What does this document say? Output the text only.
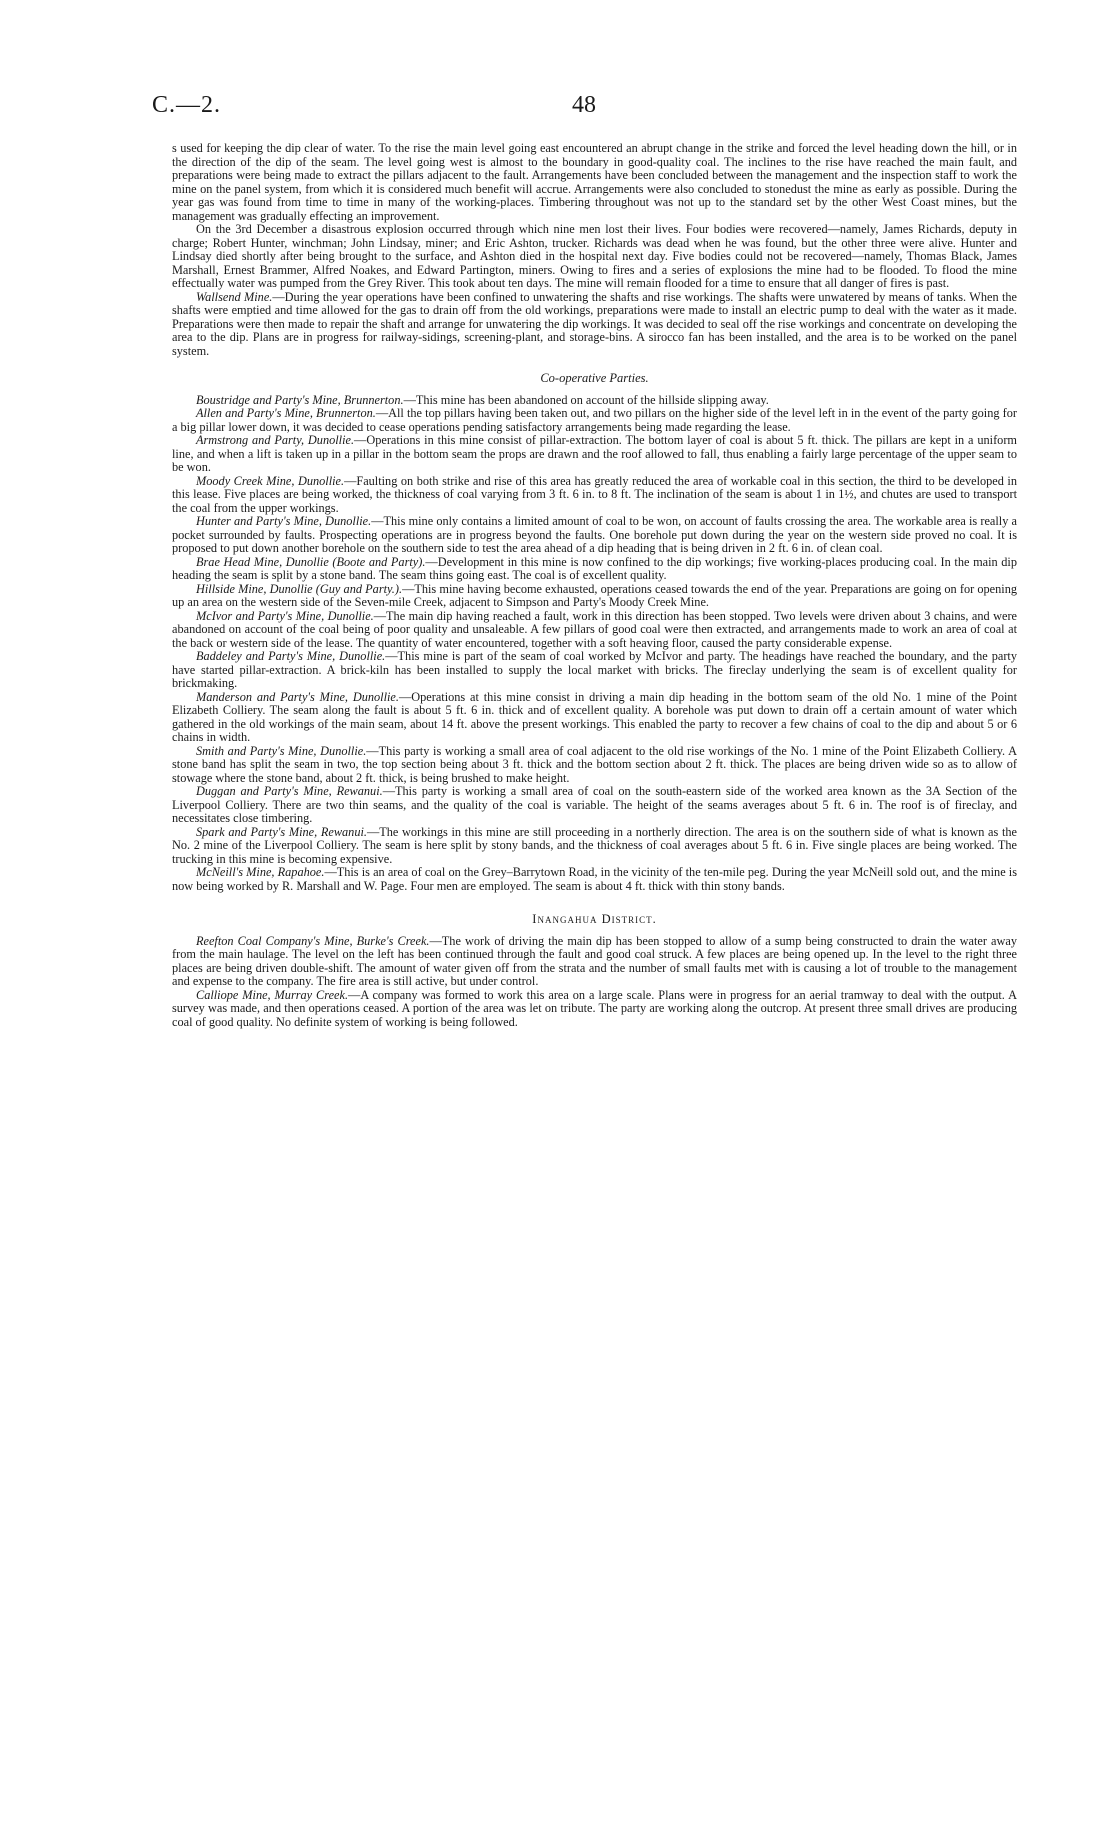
C.—2.	48

s used for keeping the dip clear of water. To the rise the main level going east encountered an abrupt change in the strike and forced the level heading down the hill, or in the direction of the dip of the seam. The level going west is almost to the boundary in good-quality coal. The inclines to the rise have reached the main fault, and preparations were being made to extract the pillars adjacent to the fault. Arrangements have been concluded between the management and the inspection staff to work the mine on the panel system, from which it is considered much benefit will accrue. Arrangements were also concluded to stonedust the mine as early as possible. During the year gas was found from time to time in many of the working-places. Timbering throughout was not up to the standard set by the other West Coast mines, but the management was gradually effecting an improvement.

On the 3rd December a disastrous explosion occurred through which nine men lost their lives. Four bodies were recovered—namely, James Richards, deputy in charge; Robert Hunter, winchman; John Lindsay, miner; and Eric Ashton, trucker. Richards was dead when he was found, but the other three were alive. Hunter and Lindsay died shortly after being brought to the surface, and Ashton died in the hospital next day. Five bodies could not be recovered—namely, Thomas Black, James Marshall, Ernest Brammer, Alfred Noakes, and Edward Partington, miners. Owing to fires and a series of explosions the mine had to be flooded. To flood the mine effectually water was pumped from the Grey River. This took about ten days. The mine will remain flooded for a time to ensure that all danger of fires is past.

Wallsend Mine.—During the year operations have been confined to unwatering the shafts and rise workings. The shafts were unwatered by means of tanks. When the shafts were emptied and time allowed for the gas to drain off from the old workings, preparations were made to install an electric pump to deal with the water as it made. Preparations were then made to repair the shaft and arrange for unwatering the dip workings. It was decided to seal off the rise workings and concentrate on developing the area to the dip. Plans are in progress for railway-sidings, screening-plant, and storage-bins. A sirocco fan has been installed, and the area is to be worked on the panel system.

Co-operative Parties.

Boustridge and Party's Mine, Brunnerton.—This mine has been abandoned on account of the hillside slipping away.

Allen and Party's Mine, Brunnerton.—All the top pillars having been taken out, and two pillars on the higher side of the level left in in the event of the party going for a big pillar lower down, it was decided to cease operations pending satisfactory arrangements being made regarding the lease.

Armstrong and Party, Dunollie.—Operations in this mine consist of pillar-extraction. The bottom layer of coal is about 5 ft. thick. The pillars are kept in a uniform line, and when a lift is taken up in a pillar in the bottom seam the props are drawn and the roof allowed to fall, thus enabling a fairly large percentage of the upper seam to be won.

Moody Creek Mine, Dunollie.—Faulting on both strike and rise of this area has greatly reduced the area of workable coal in this section, the third to be developed in this lease. Five places are being worked, the thickness of coal varying from 3 ft. 6 in. to 8 ft. The inclination of the seam is about 1 in 1½, and chutes are used to transport the coal from the upper workings.

Hunter and Party's Mine, Dunollie.—This mine only contains a limited amount of coal to be won, on account of faults crossing the area. The workable area is really a pocket surrounded by faults. Prospecting operations are in progress beyond the faults. One borehole put down during the year on the western side proved no coal. It is proposed to put down another borehole on the southern side to test the area ahead of a dip heading that is being driven in 2 ft. 6 in. of clean coal.

Brae Head Mine, Dunollie (Boote and Party).—Development in this mine is now confined to the dip workings; five working-places producing coal. In the main dip heading the seam is split by a stone band. The seam thins going east. The coal is of excellent quality.

Hillside Mine, Dunollie (Guy and Party.).—This mine having become exhausted, operations ceased towards the end of the year. Preparations are going on for opening up an area on the western side of the Seven-mile Creek, adjacent to Simpson and Party's Moody Creek Mine.

McIvor and Party's Mine, Dunollie.—The main dip having reached a fault, work in this direction has been stopped. Two levels were driven about 3 chains, and were abandoned on account of the coal being of poor quality and unsaleable. A few pillars of good coal were then extracted, and arrangements made to work an area of coal at the back or western side of the lease. The quantity of water encountered, together with a soft heaving floor, caused the party considerable expense.

Baddeley and Party's Mine, Dunollie.—This mine is part of the seam of coal worked by McIvor and party. The headings have reached the boundary, and the party have started pillar-extraction. A brick-kiln has been installed to supply the local market with bricks. The fireclay underlying the seam is of excellent quality for brickmaking.

Manderson and Party's Mine, Dunollie.—Operations at this mine consist in driving a main dip heading in the bottom seam of the old No. 1 mine of the Point Elizabeth Colliery. The seam along the fault is about 5 ft. 6 in. thick and of excellent quality. A borehole was put down to drain off a certain amount of water which gathered in the old workings of the main seam, about 14 ft. above the present workings. This enabled the party to recover a few chains of coal to the dip and about 5 or 6 chains in width.

Smith and Party's Mine, Dunollie.—This party is working a small area of coal adjacent to the old rise workings of the No. 1 mine of the Point Elizabeth Colliery. A stone band has split the seam in two, the top section being about 3 ft. thick and the bottom section about 2 ft. thick. The places are being driven wide so as to allow of stowage where the stone band, about 2 ft. thick, is being brushed to make height.

Duggan and Party's Mine, Rewanui.—This party is working a small area of coal on the south-eastern side of the worked area known as the 3A Section of the Liverpool Colliery. There are two thin seams, and the quality of the coal is variable. The height of the seams averages about 5 ft. 6 in. The roof is of fireclay, and necessitates close timbering.

Spark and Party's Mine, Rewanui.—The workings in this mine are still proceeding in a northerly direction. The area is on the southern side of what is known as the No. 2 mine of the Liverpool Colliery. The seam is here split by stony bands, and the thickness of coal averages about 5 ft. 6 in. Five single places are being worked. The trucking in this mine is becoming expensive.

McNeill's Mine, Rapahoe.—This is an area of coal on the Grey–Barrytown Road, in the vicinity of the ten-mile peg. During the year McNeill sold out, and the mine is now being worked by R. Marshall and W. Page. Four men are employed. The seam is about 4 ft. thick with thin stony bands.

Inangahua District.

Reefton Coal Company's Mine, Burke's Creek.—The work of driving the main dip has been stopped to allow of a sump being constructed to drain the water away from the main haulage. The level on the left has been continued through the fault and good coal struck. A few places are being opened up. In the level to the right three places are being driven double-shift. The amount of water given off from the strata and the number of small faults met with is causing a lot of trouble to the management and expense to the company. The fire area is still active, but under control.

Calliope Mine, Murray Creek.—A company was formed to work this area on a large scale. Plans were in progress for an aerial tramway to deal with the output. A survey was made, and then operations ceased. A portion of the area was let on tribute. The party are working along the outcrop. At present three small drives are producing coal of good quality. No definite system of working is being followed.
